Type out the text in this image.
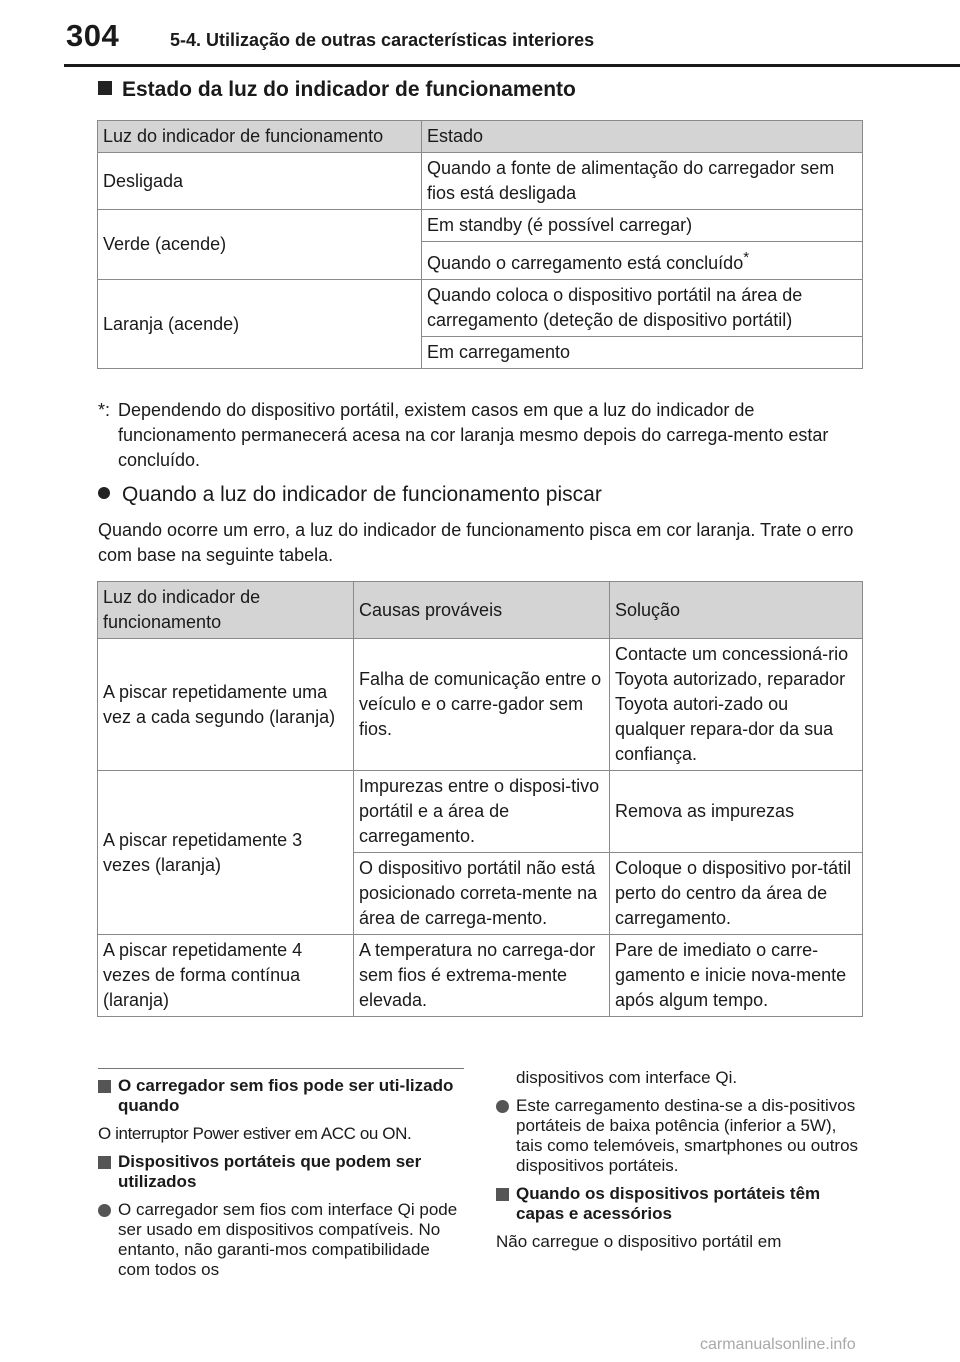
304	5-4. Utilização de outras características interiores
Estado da luz do indicador de funcionamento
Luz do indicador de funcionamento	Estado
Desligada	Quando a fonte de alimentação do carregador sem fios está desligada
Verde (acende)	Em standby (é possível carregar)
	Quando o carregamento está concluído*
Laranja (acende)	Quando coloca o dispositivo portátil na área de carregamento (deteção de dispositivo portátil)
	Em carregamento
*: Dependendo do dispositivo portátil, existem casos em que a luz do indicador de funcionamento permanecerá acesa na cor laranja mesmo depois do carrega-mento estar concluído.
Quando a luz do indicador de funcionamento piscar
Quando ocorre um erro, a luz do indicador de funcionamento pisca em cor laranja. Trate o erro com base na seguinte tabela.
Luz do indicador de funcionamento	Causas prováveis	Solução
A piscar repetidamente uma vez a cada segundo (laranja)	Falha de comunicação entre o veículo e o carre-gador sem fios.	Contacte um concessioná-rio Toyota autorizado, reparador Toyota autori-zado ou qualquer repara-dor da sua confiança.
A piscar repetidamente 3 vezes (laranja)	Impurezas entre o disposi-tivo portátil e a área de carregamento.	Remova as impurezas
	O dispositivo portátil não está posicionado correta-mente na área de carrega-mento.	Coloque o dispositivo por-tátil perto do centro da área de carregamento.
A piscar repetidamente 4 vezes de forma contínua (laranja)	A temperatura no carrega-dor sem fios é extrema-mente elevada.	Pare de imediato o carre-gamento e inicie nova-mente após algum tempo.
O carregador sem fios pode ser uti-lizado quando
O interruptor Power estiver em ACC ou ON.
Dispositivos portáteis que podem ser utilizados
O carregador sem fios com interface Qi pode ser usado em dispositivos compatíveis. No entanto, não garanti-mos compatibilidade com todos os
dispositivos com interface Qi.
Este carregamento destina-se a dis-positivos portáteis de baixa potência (inferior a 5W), tais como telemóveis, smartphones ou outros dispositivos portáteis.
Quando os dispositivos portáteis têm capas e acessórios
Não carregue o dispositivo portátil em
carmanualsonline.info
